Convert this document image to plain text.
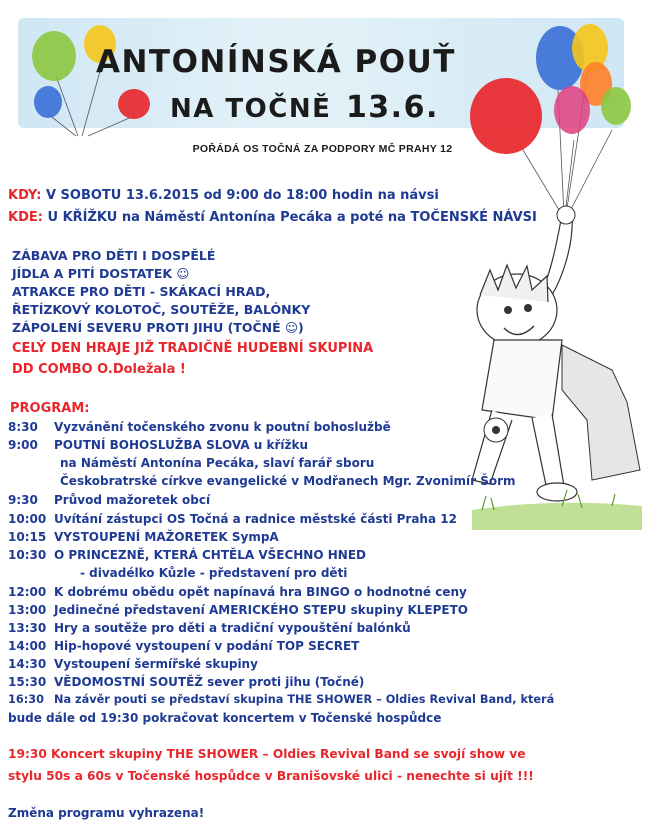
ANTONÍNSKÁ POUŤ
NA TOČNĚ 13.6.
POŘÁDÁ OS TOČNÁ ZA PODPORY MČ PRAHY 12
KDY: V SOBOTU 13.6.2015 od 9:00 do 18:00 hodin na návsi
KDE: U KŘÍŽKU na Náměstí Antonína Pecáka a poté na TOČENSKÉ NÁVSI
ZÁBAVA PRO DĚTI I DOSPĚLÉ
JÍDLA A PITÍ DOSTATEK ☺
ATRAKCE PRO DĚTI - SKÁKACÍ HRAD,
ŘETÍZKOVÝ KOLOTOČ, SOUTĚŽE, BALÓNKY
ZÁPOLENÍ SEVERU PROTI JIHU (TOČNÉ ☺)
CELÝ DEN HRAJE JIŽ TRADIČNĚ HUDEBNÍ SKUPINA
DD COMBO O.Doležala !
PROGRAM:
8:30 Vyzvánění točenského zvonu k poutní bohoslužbě
9:00 POUTNÍ BOHOSLUŽBA SLOVA u křížku
na Náměstí Antonína Pecáka, slaví farář sboru
Českobratrské církve evangelické v Modřanech Mgr. Zvonimír Šorm
9:30 Průvod mažoretek obcí
10:00 Uvítání zástupci OS Točná a radnice městské části Praha 12
10:15 VYSTOUPENÍ MAŽORETEK SympA
10:30 O PRINCEZNĚ, KTERÁ CHTĚLA VŠECHNO HNED
- divadélko Kůzle - představení pro děti
12:00 K dobrému obědu opět napínavá hra BINGO o hodnotné ceny
13:00 Jedinečné představení AMERICKÉHO STEPU skupiny KLEPETO
13:30 Hry a soutěže pro děti a tradiční vypouštění balónků
14:00 Hip-hopové vystoupení v podání TOP SECRET
14:30 Vystoupení šermířské skupiny
15:30 VĚDOMOSTNÍ SOUTĚŽ sever proti jihu (Točné)
16:30 Na závěr pouti se představí skupina THE SHOWER – Oldies Revival Band, která
bude dále od 19:30 pokračovat koncertem v Točenské hospůdce
19:30 Koncert skupiny THE SHOWER – Oldies Revival Band se svojí show ve
stylu 50s a 60s v Točenské hospůdce v Branišovské ulici - nenechte si ujít !!!
Změna programu vyhrazena!
